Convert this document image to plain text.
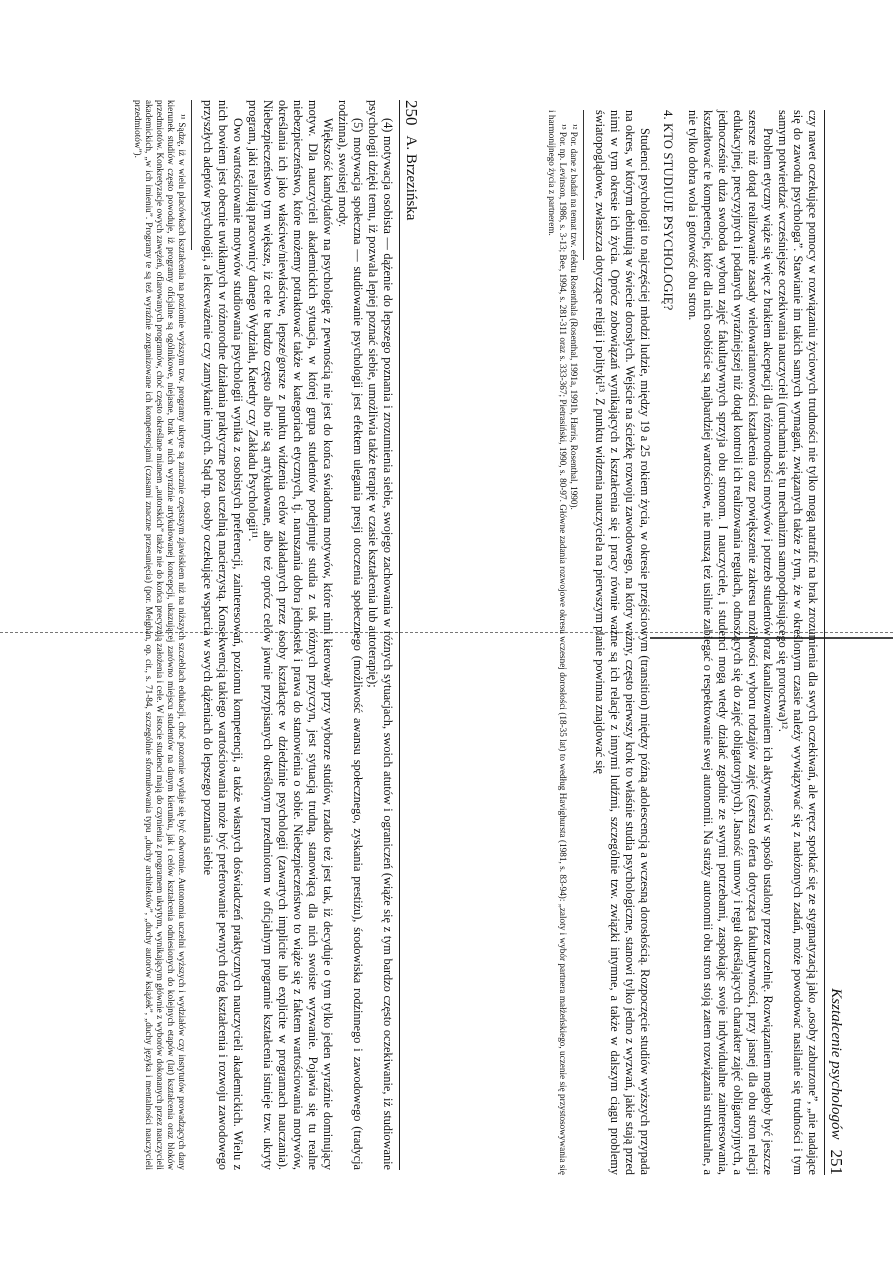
250
A. Brzezińska

(4) motywacja osobista — dążenie do lepszego poznania i zrozumienia siebie, swojego zachowania w różnych sytuacjach, swoich atutów i ograniczeń (wiąże się z tym bardzo często oczekiwanie, iż studiowanie psychologii dzięki temu, iż pozwala lepiej poznać siebie, umożliwia także terapię w czasie kształcenia lub autoterapię);

(5) motywacja społeczna — studiowanie psychologii jest efektem ulegania presji otoczenia społecznego (możliwość awansu społecznego, zyskania prestiżu), środowiska rodzinnego i zawodowego (tradycja rodzinna), swoistej mody.

Większość kandydatów na psychologię z pewnością nie jest do końca świadoma motywów, które nimi kierowały przy wyborze studiów, rzadko też jest tak, iż decyduje o tym tylko jeden wyraźnie dominujący motyw. Dla nauczycieli akademickich sytuacja, w której grupa studentów podejmuje studia z tak różnych przyczyn, jest sytuacją trudną, stanowiącą dla nich swoiste wyzwanie. Pojawia się tu realne niebezpieczeństwo, które możemy potraktować także w kategoriach etycznych, tj. naruszania dobra jednostek i prawa do stanowienia o sobie. Niebezpieczeństwo to wiąże się z faktem wartościowania motywów, określania ich jako właściwe/niewłaściwe, lepsze/gorsze z punktu widzenia celów zakładanych przez osoby kształcące w dziedzinie psychologii (zawartych implicite lub explicite w programach nauczania). Niebezpieczeństwo tym większe, iż cele te bardzo często albo nie są artykułowane, albo też oprócz celów jawnie przypisanych określonym przedmiotom w oficjalnym programie kształcenia istnieje tzw. ukryty program, jaki realizują pracownicy danego Wydziału, Katedry czy Zakładu Psychologii¹¹.

Owo wartościowanie motywów studiowania psychologii wynika z osobistych preferencji, zainteresowań, poziomu kompetencji, a także własnych doświadczeń praktycznych nauczycieli akademickich. Wielu z nich bowiem jest obecnie uwikłanych w różnorodne działania praktyczne poza uczelnią macierzystą. Konsekwencją takiego wartościowania może być preferowanie pewnych dróg kształcenia i rozwoju zawodowego przyszłych adeptów psychologii, a lekceważenie czy zamykanie innych. Stąd np. osoby oczekujące wsparcia w swych dążeniach do lepszego poznania siebie

¹¹ Sądzę, iż w wielu placówkach kształcenia na poziomie wyższym tzw. programy ukryte są znacznie częstszym zjawiskiem niż na niższych szczeblach edukacji, choć pozornie wydaje się być odwrotnie. Autonomia uczelni wyższych i wydziałów czy instytutów prowadzących dany kierunek studiów często powoduje, iż programy oficjalne są ogólnikowe, niejasne, brak w nich wyraźnie artykułowanej koncepcji, ukazującej zarówno miejscu studentów na danym kierunku, jak i celów kształcenia odniesionych do kolejnych etapów (lat) kształcenia oraz bloków przedmiotów. Konkretyzacje owych zawężeń, ofiarowanych programów, choć często określane mianem „autorskich” także nie do końca precyzują założenia i cele. W istocie studenci mają do czynienia z programem ukrytym, wynikającym głównie z wyborów dokonanych przez nauczycieli akademickich, „w ich imieniu”. Programy te są też wyraźnie zorganizowane ich kompetencjami (czasami znaczne przesunięcia) (por. Meighan, op. cit., s. 71-84, szczególnie sformułowania typu „duchy architektów”, „duchy autorów książek”, „duchy języka i mentalności nauczycieli przedmiotów”).

Kształcenie psychologów
251

czy nawet oczekujące pomocy w rozwiązaniu życiowych trudności nie tylko mogą natrafić na brak zrozumienia dla swych oczekiwań, ale wręcz spotkać się ze stygmatyzacją jako „osoby zaburzone”, „nie nadające się do zawodu psychologa”. Stawianie im takich samych wymagań, związanych także z tym, że w określonym czasie należy wywiązywać się z nałożonych zadań, może powodować nasilanie się trudności i tym samym potwierdzać wcześniejsze oczekiwania nauczycieli (uruchamia się tu mechanizm samopodpisującego się proroctwa)¹².

Problem etyczny wiąże się więc z brakiem akceptacji dla różnorodności motywów i potrzeb studentów oraz kanalizowaniem ich aktywności w sposób ustalony przez uczelnię. Rozwiązaniem mogłoby być jeszcze szersze niż dotąd realizowanie zasady wielowariantowości kształcenia oraz powiększenie zakresu możliwości wyboru rodzajów zajęć (szersza oferta dotycząca fakultatywności, przy jasnej dla obu stron relacji edukacyjnej, precyzyjnych i podanych wyraźniejszej niż dotąd kontroli ich realizowania regułach, odnoszących się do zajęć obligatoryjnych). Jasność umowy i reguł określających charakter zajęć obligatoryjnych, a jednocześnie duża swoboda wyboru zajęć fakultatywnych sprzyja obu stronom. I nauczyciele, i studenci mogą wtedy działać zgodnie ze swymi potrzebami, zaspokając swoje indywidualne zainteresowania, kształtować te kompetencje, które dla nich osobiście są najbardziej wartościowe, nie muszą też usilnie zabiegać o respektowanie swej autonomii. Na straży autonomii obu stron stoją zatem rozwiązania strukturalne, a nie tylko dobra wola i gotowość obu stron.

4. KTO STUDIUJE PSYCHOLOGIĘ?

Studenci psychologii to najczęściej młodzi ludzie, między 19 a 25 rokiem życia, w okresie przejściowym (transition) między późną adolescencją a wczesną dorosłością. Rozpoczęcie studiów wyższych przypada na okres, w którym debiutują w świecie dorosłych. Wejście na ścieżkę rozwoju zawodowego, na który ważny, często pierwszy krok to właśnie studia psychologiczne, stanowi tylko jedno z wyzwań, jakie stają przed nimi w tym okresie ich życia. Oprócz zobowiązań wynikających z kształcenia się i pracy równie ważne są ich relacje z innymi ludźmi, szczególnie tzw. związki intymne, a także w dalszym ciągu problemy światopoglądowe, zwłaszcza dotyczące religii i polityki¹³. Z punktu widzenia nauczyciela na pierwszym planie powinna znajdować się

¹² Por. dane z badań na temat tzw. efektu Rosenthala (Rosenthal, 1991a, 1991b, Harris, Rosenthal, 1990).

¹³ Por. np. Levinson, 1986, s. 3-13; Bee, 1994, s. 281-311 oraz s. 333-367; Pietrasiński, 1990, s. 80-97. Główne zadania rozwojowe okresu wczesnej dorosłości (18-35 lat) to według Havighursta (1981, s. 83-94): „zaloty i wybór partnera małżeńskiego, uczenie się przystosowywania się i harmonijnego życia z partnerem.
